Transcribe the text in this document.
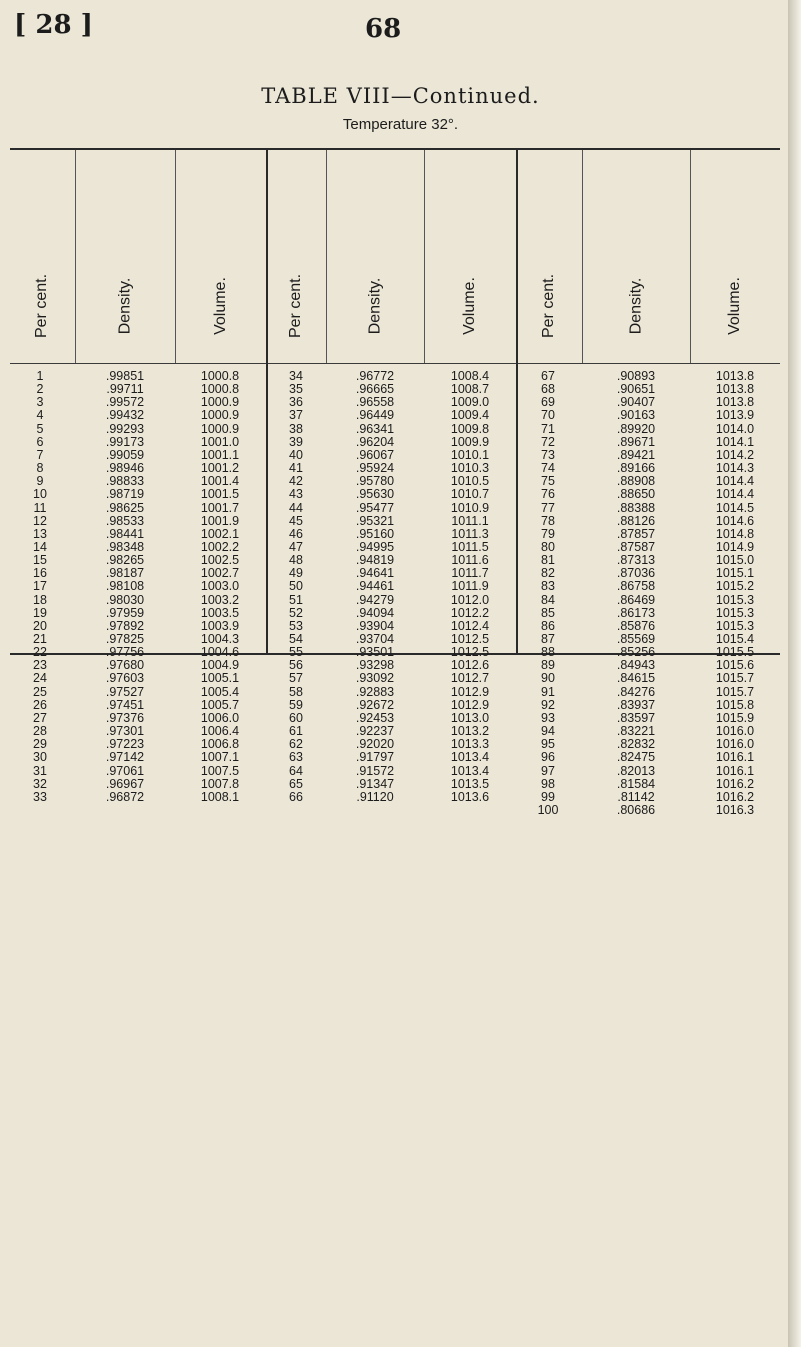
[ 28 ]	68
TABLE VIII—Continued.
Temperature 32°.
Per cent.	Density.	Volume.	Per cent.	Density.	Volume.	Per cent.	Density.	Volume.
1	.99851	1000.8	34	.96772	1008.4	67	.90893	1013.8
2	.99711	1000.8	35	.96665	1008.7	68	.90651	1013.8
3	.99572	1000.9	36	.96558	1009.0	69	.90407	1013.8
4	.99432	1000.9	37	.96449	1009.4	70	.90163	1013.9
5	.99293	1000.9	38	.96341	1009.8	71	.89920	1014.0
6	.99173	1001.0	39	.96204	1009.9	72	.89671	1014.1
7	.99059	1001.1	40	.96067	1010.1	73	.89421	1014.2
8	.98946	1001.2	41	.95924	1010.3	74	.89166	1014.3
9	.98833	1001.4	42	.95780	1010.5	75	.88908	1014.4
10	.98719	1001.5	43	.95630	1010.7	76	.88650	1014.4
11	.98625	1001.7	44	.95477	1010.9	77	.88388	1014.5
12	.98533	1001.9	45	.95321	1011.1	78	.88126	1014.6
13	.98441	1002.1	46	.95160	1011.3	79	.87857	1014.8
14	.98348	1002.2	47	.94995	1011.5	80	.87587	1014.9
15	.98265	1002.5	48	.94819	1011.6	81	.87313	1015.0
16	.98187	1002.7	49	.94641	1011.7	82	.87036	1015.1
17	.98108	1003.0	50	.94461	1011.9	83	.86758	1015.2
18	.98030	1003.2	51	.94279	1012.0	84	.86469	1015.3
19	.97959	1003.5	52	.94094	1012.2	85	.86173	1015.3
20	.97892	1003.9	53	.93904	1012.4	86	.85876	1015.3
21	.97825	1004.3	54	.93704	1012.5	87	.85569	1015.4
22	.97756	1004.6	55	.93501	1012.5	88	.85256	1015.5
23	.97680	1004.9	56	.93298	1012.6	89	.84943	1015.6
24	.97603	1005.1	57	.93092	1012.7	90	.84615	1015.7
25	.97527	1005.4	58	.92883	1012.9	91	.84276	1015.7
26	.97451	1005.7	59	.92672	1012.9	92	.83937	1015.8
27	.97376	1006.0	60	.92453	1013.0	93	.83597	1015.9
28	.97301	1006.4	61	.92237	1013.2	94	.83221	1016.0
29	.97223	1006.8	62	.92020	1013.3	95	.82832	1016.0
30	.97142	1007.1	63	.91797	1013.4	96	.82475	1016.1
31	.97061	1007.5	64	.91572	1013.4	97	.82013	1016.1
32	.96967	1007.8	65	.91347	1013.5	98	.81584	1016.2
33	.96872	1008.1	66	.91120	1013.6	99	.81142	1016.2
100	.80686	1016.3
